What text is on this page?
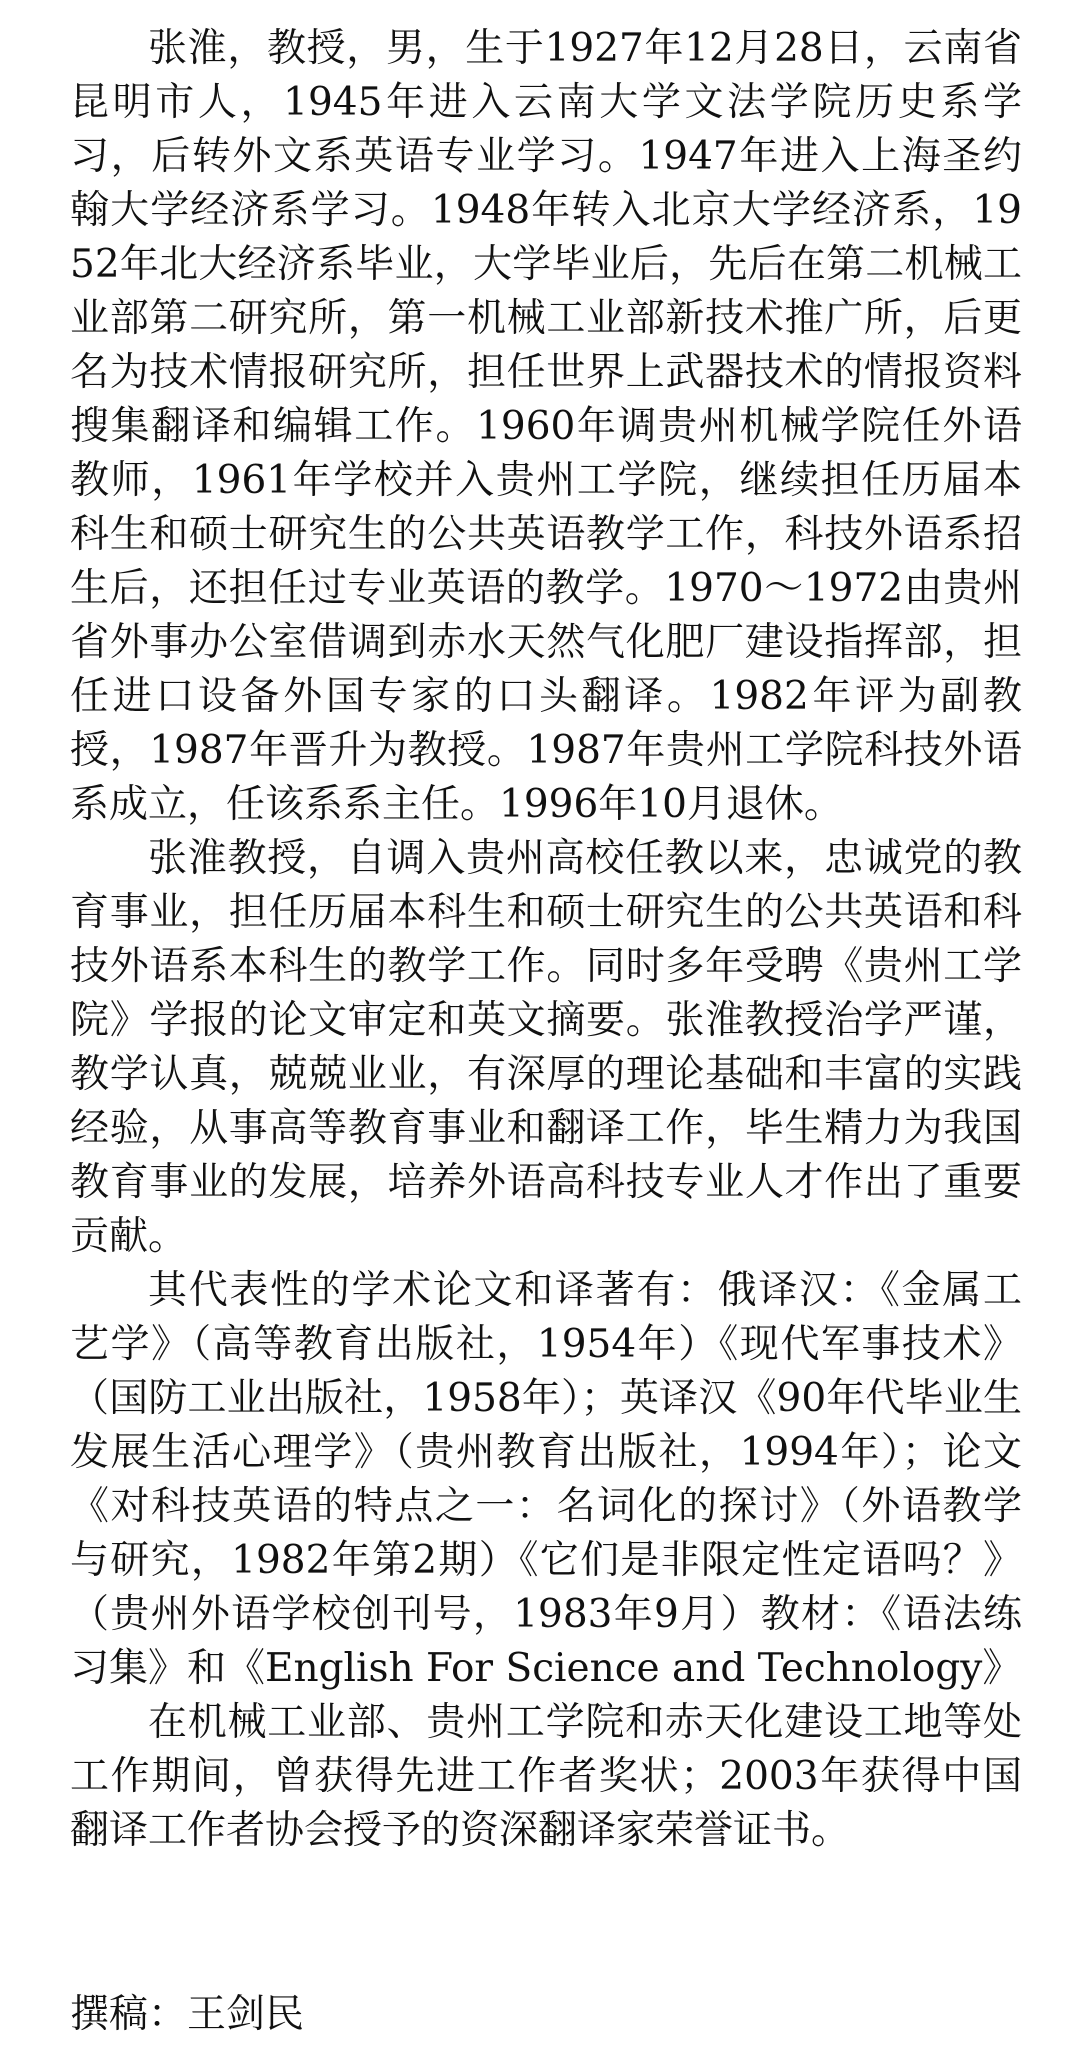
张淮，教授，男，生于1927年12月28日，云南省昆明市人，1945年进入云南大学文法学院历史系学习，后转外文系英语专业学习。1947年进入上海圣约翰大学经济系学习。1948年转入北京大学经济系，1952年北大经济系毕业，大学毕业后，先后在第二机械工业部第二研究所，第一机械工业部新技术推广所，后更名为技术情报研究所，担任世界上武器技术的情报资料搜集翻译和编辑工作。1960年调贵州机械学院任外语教师，1961年学校并入贵州工学院，继续担任历届本科生和硕士研究生的公共英语教学工作，科技外语系招生后，还担任过专业英语的教学。1970～1972由贵州省外事办公室借调到赤水天然气化肥厂建设指挥部，担任进口设备外国专家的口头翻译。1982年评为副教授，1987年晋升为教授。1987年贵州工学院科技外语系成立，任该系系主任。1996年10月退休。

张淮教授，自调入贵州高校任教以来，忠诚党的教育事业，担任历届本科生和硕士研究生的公共英语和科技外语系本科生的教学工作。同时多年受聘《贵州工学院》学报的论文审定和英文摘要。张淮教授治学严谨，教学认真，兢兢业业，有深厚的理论基础和丰富的实践经验，从事高等教育事业和翻译工作，毕生精力为我国教育事业的发展，培养外语高科技专业人才作出了重要贡献。

其代表性的学术论文和译著有：俄译汉：《金属工艺学》（高等教育出版社，1954年）《现代军事技术》（国防工业出版社，1958年）；英译汉《90年代毕业生发展生活心理学》（贵州教育出版社，1994年）；论文《对科技英语的特点之一：名词化的探讨》（外语教学与研究，1982年第2期）《它们是非限定性定语吗？》（贵州外语学校创刊号，1983年9月）教材：《语法练习集》和《English For Science and Technology》

在机械工业部、贵州工学院和赤天化建设工地等处工作期间，曾获得先进工作者奖状；2003年获得中国翻译工作者协会授予的资深翻译家荣誉证书。

撰稿：王剑民
